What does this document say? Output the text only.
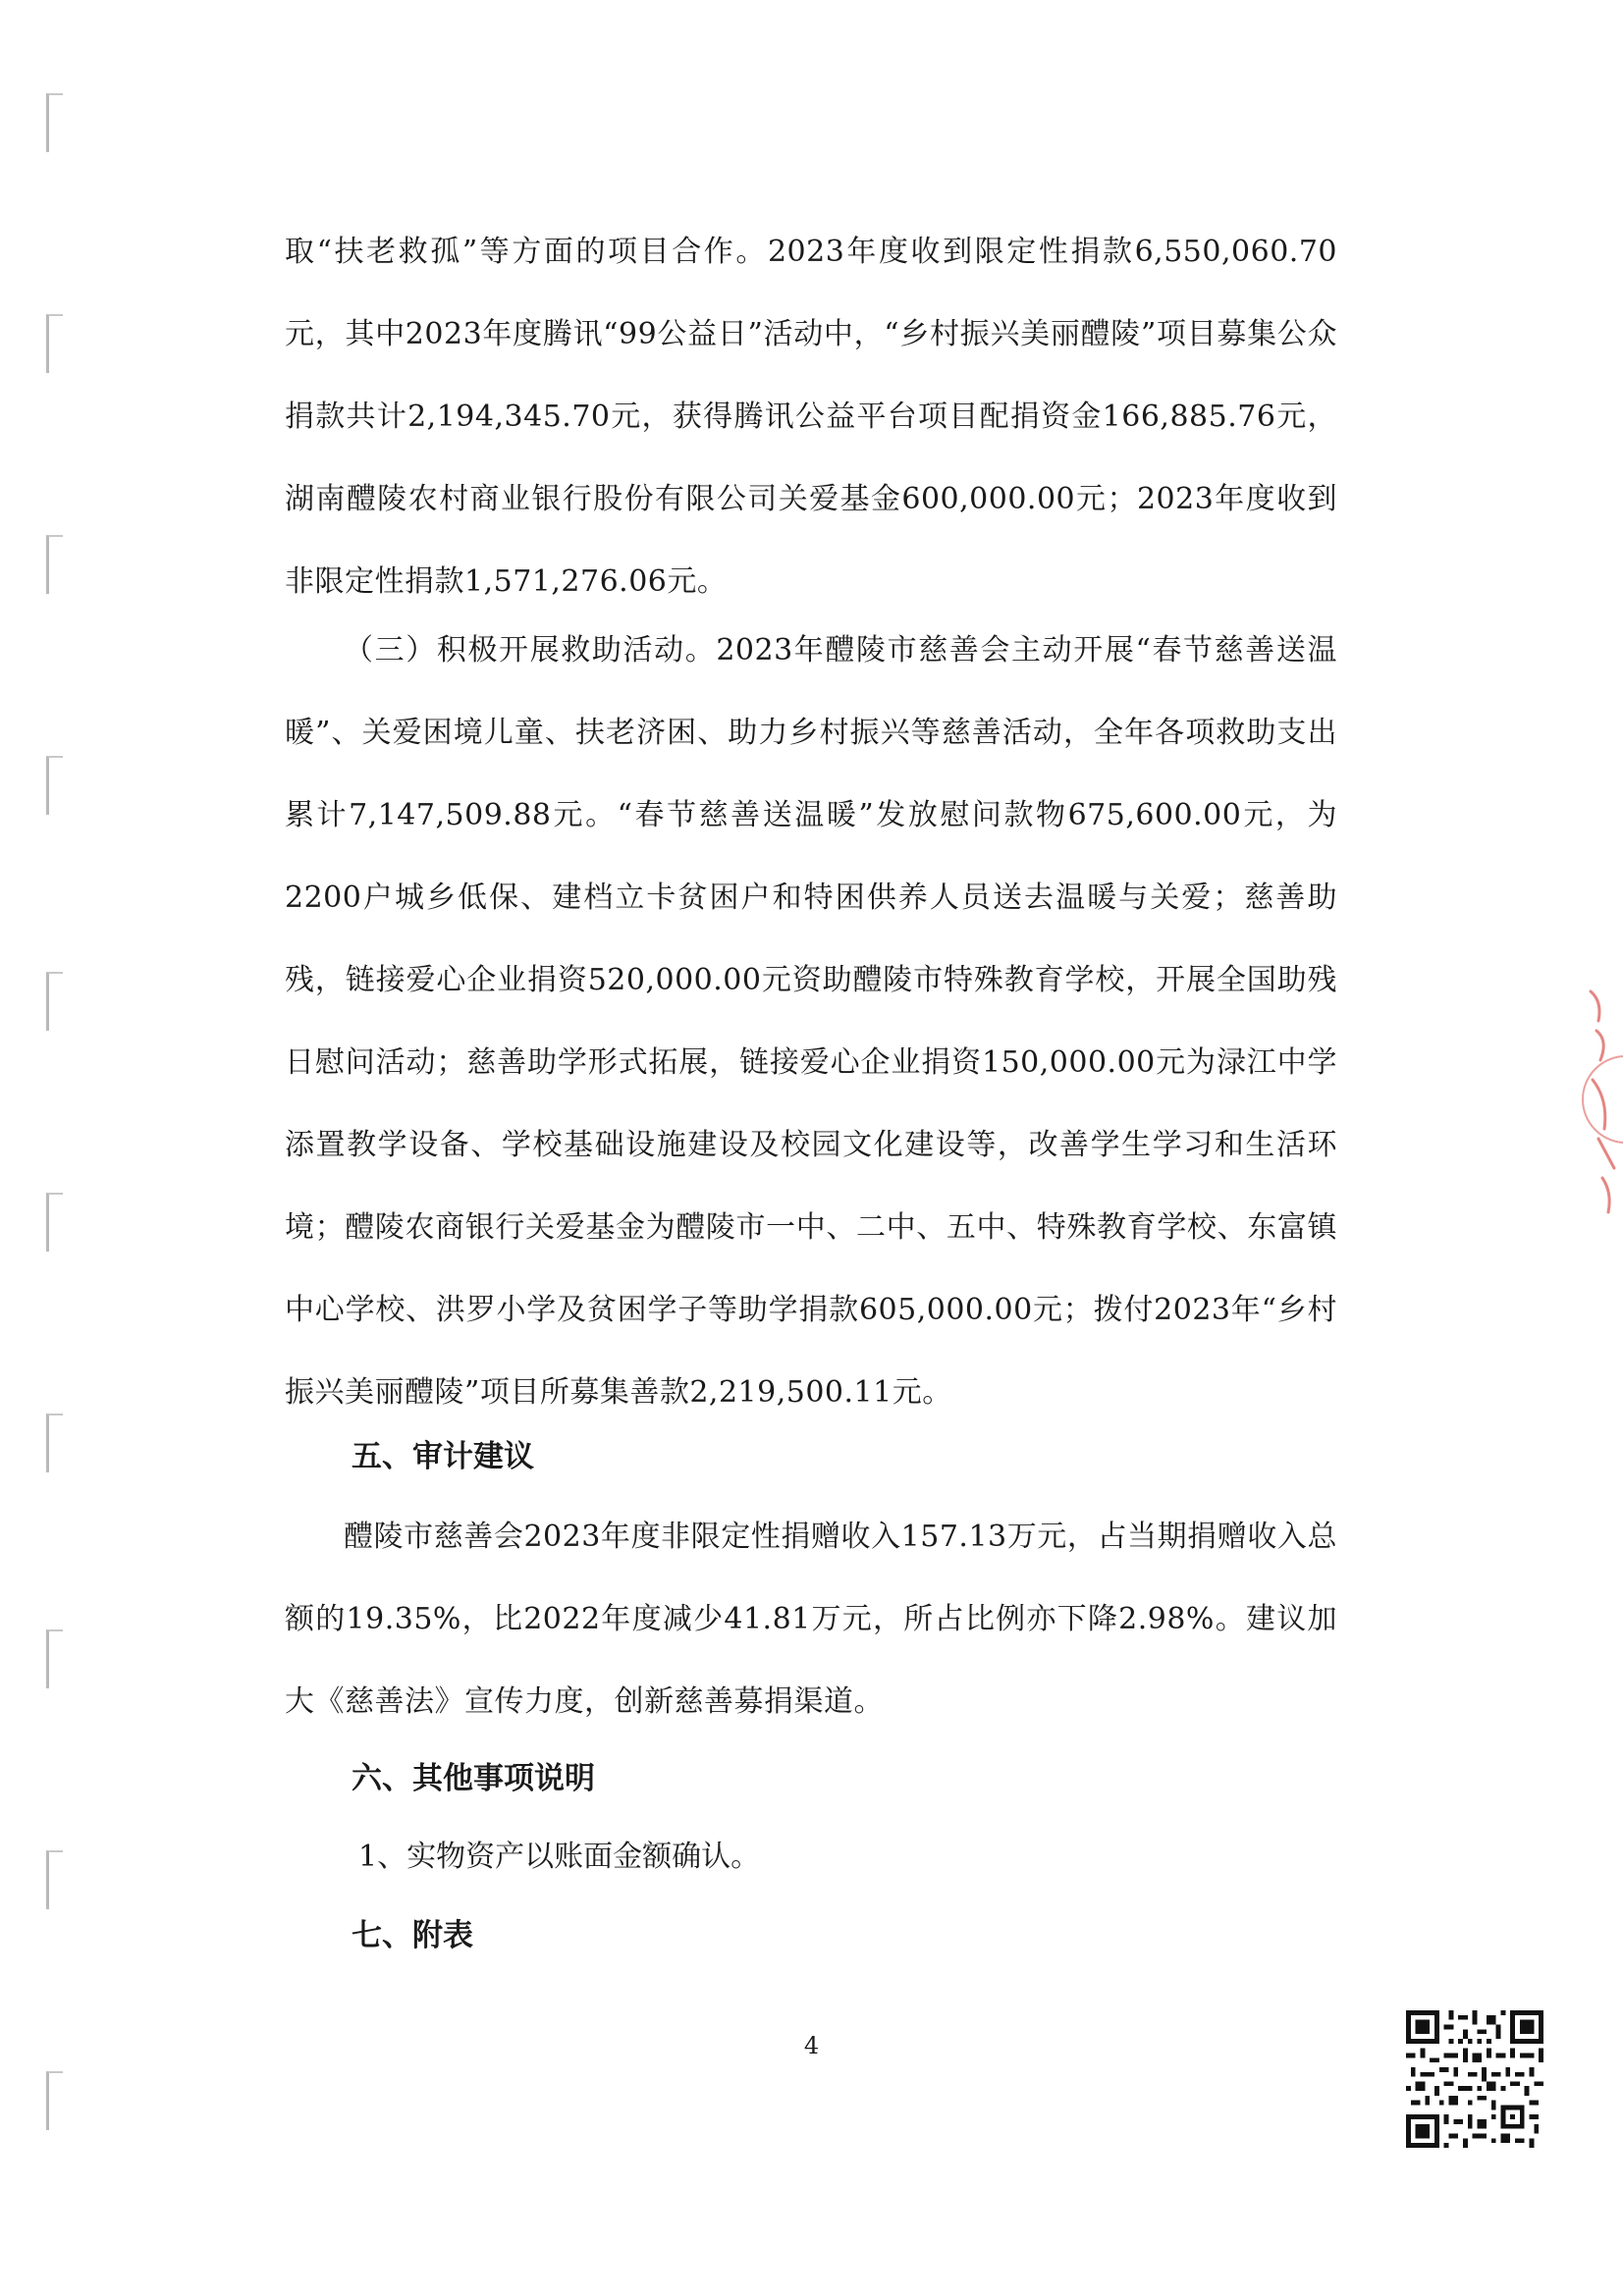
取“扶老救孤”等方面的项目合作。2023年度收到限定性捐款6,550,060.70元，其中2023年度腾讯“99公益日”活动中，“乡村振兴美丽醴陵”项目募集公众捐款共计2,194,345.70元，获得腾讯公益平台项目配捐资金166,885.76元，湖南醴陵农村商业银行股份有限公司关爱基金600,000.00元；2023年度收到非限定性捐款1,571,276.06元。

（三）积极开展救助活动。2023年醴陵市慈善会主动开展“春节慈善送温暖”、关爱困境儿童、扶老济困、助力乡村振兴等慈善活动，全年各项救助支出累计7,147,509.88元。“春节慈善送温暖”发放慰问款物675,600.00元，为2200户城乡低保、建档立卡贫困户和特困供养人员送去温暖与关爱；慈善助残，链接爱心企业捐资520,000.00元资助醴陵市特殊教育学校，开展全国助残日慰问活动；慈善助学形式拓展，链接爱心企业捐资150,000.00元为渌江中学添置教学设备、学校基础设施建设及校园文化建设等，改善学生学习和生活环境；醴陵农商银行关爱基金为醴陵市一中、二中、五中、特殊教育学校、东富镇中心学校、洪罗小学及贫困学子等助学捐款605,000.00元；拨付2023年“乡村振兴美丽醴陵”项目所募集善款2,219,500.11元。

五、审计建议

醴陵市慈善会2023年度非限定性捐赠收入157.13万元，占当期捐赠收入总额的19.35%，比2022年度减少41.81万元，所占比例亦下降2.98%。建议加大《慈善法》宣传力度，创新慈善募捐渠道。

六、其他事项说明

1、实物资产以账面金额确认。

七、附表
4
